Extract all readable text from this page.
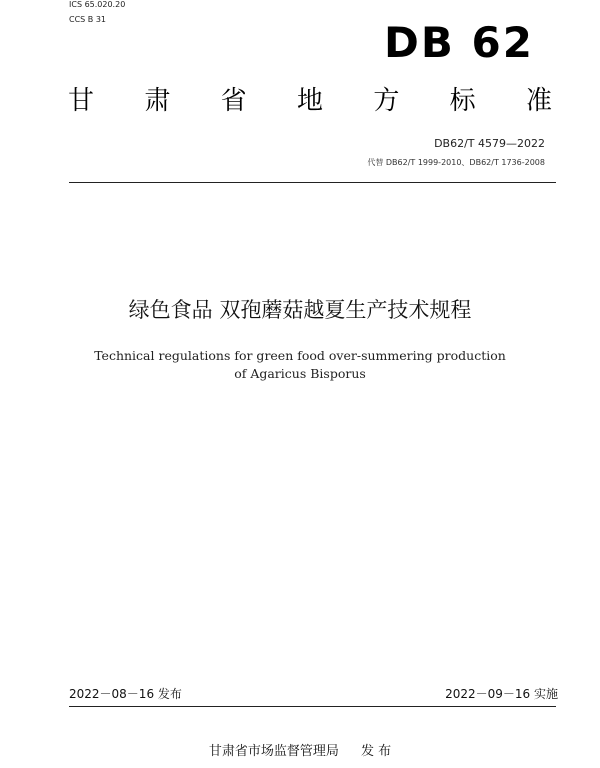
ICS 65.020.20
CCS B 31	DB 62
甘 肃 省 地 方 标 准
DB62/T 4579—2022
代替 DB62/T 1999-2010、DB62/T 1736-2008
绿色食品 双孢蘑菇越夏生产技术规程
Technical regulations for green food over-summering production of Agaricus Bisporus
2022－08－16 发布	2022－09－16 实施
甘肃省市场监督管理局 发 布
